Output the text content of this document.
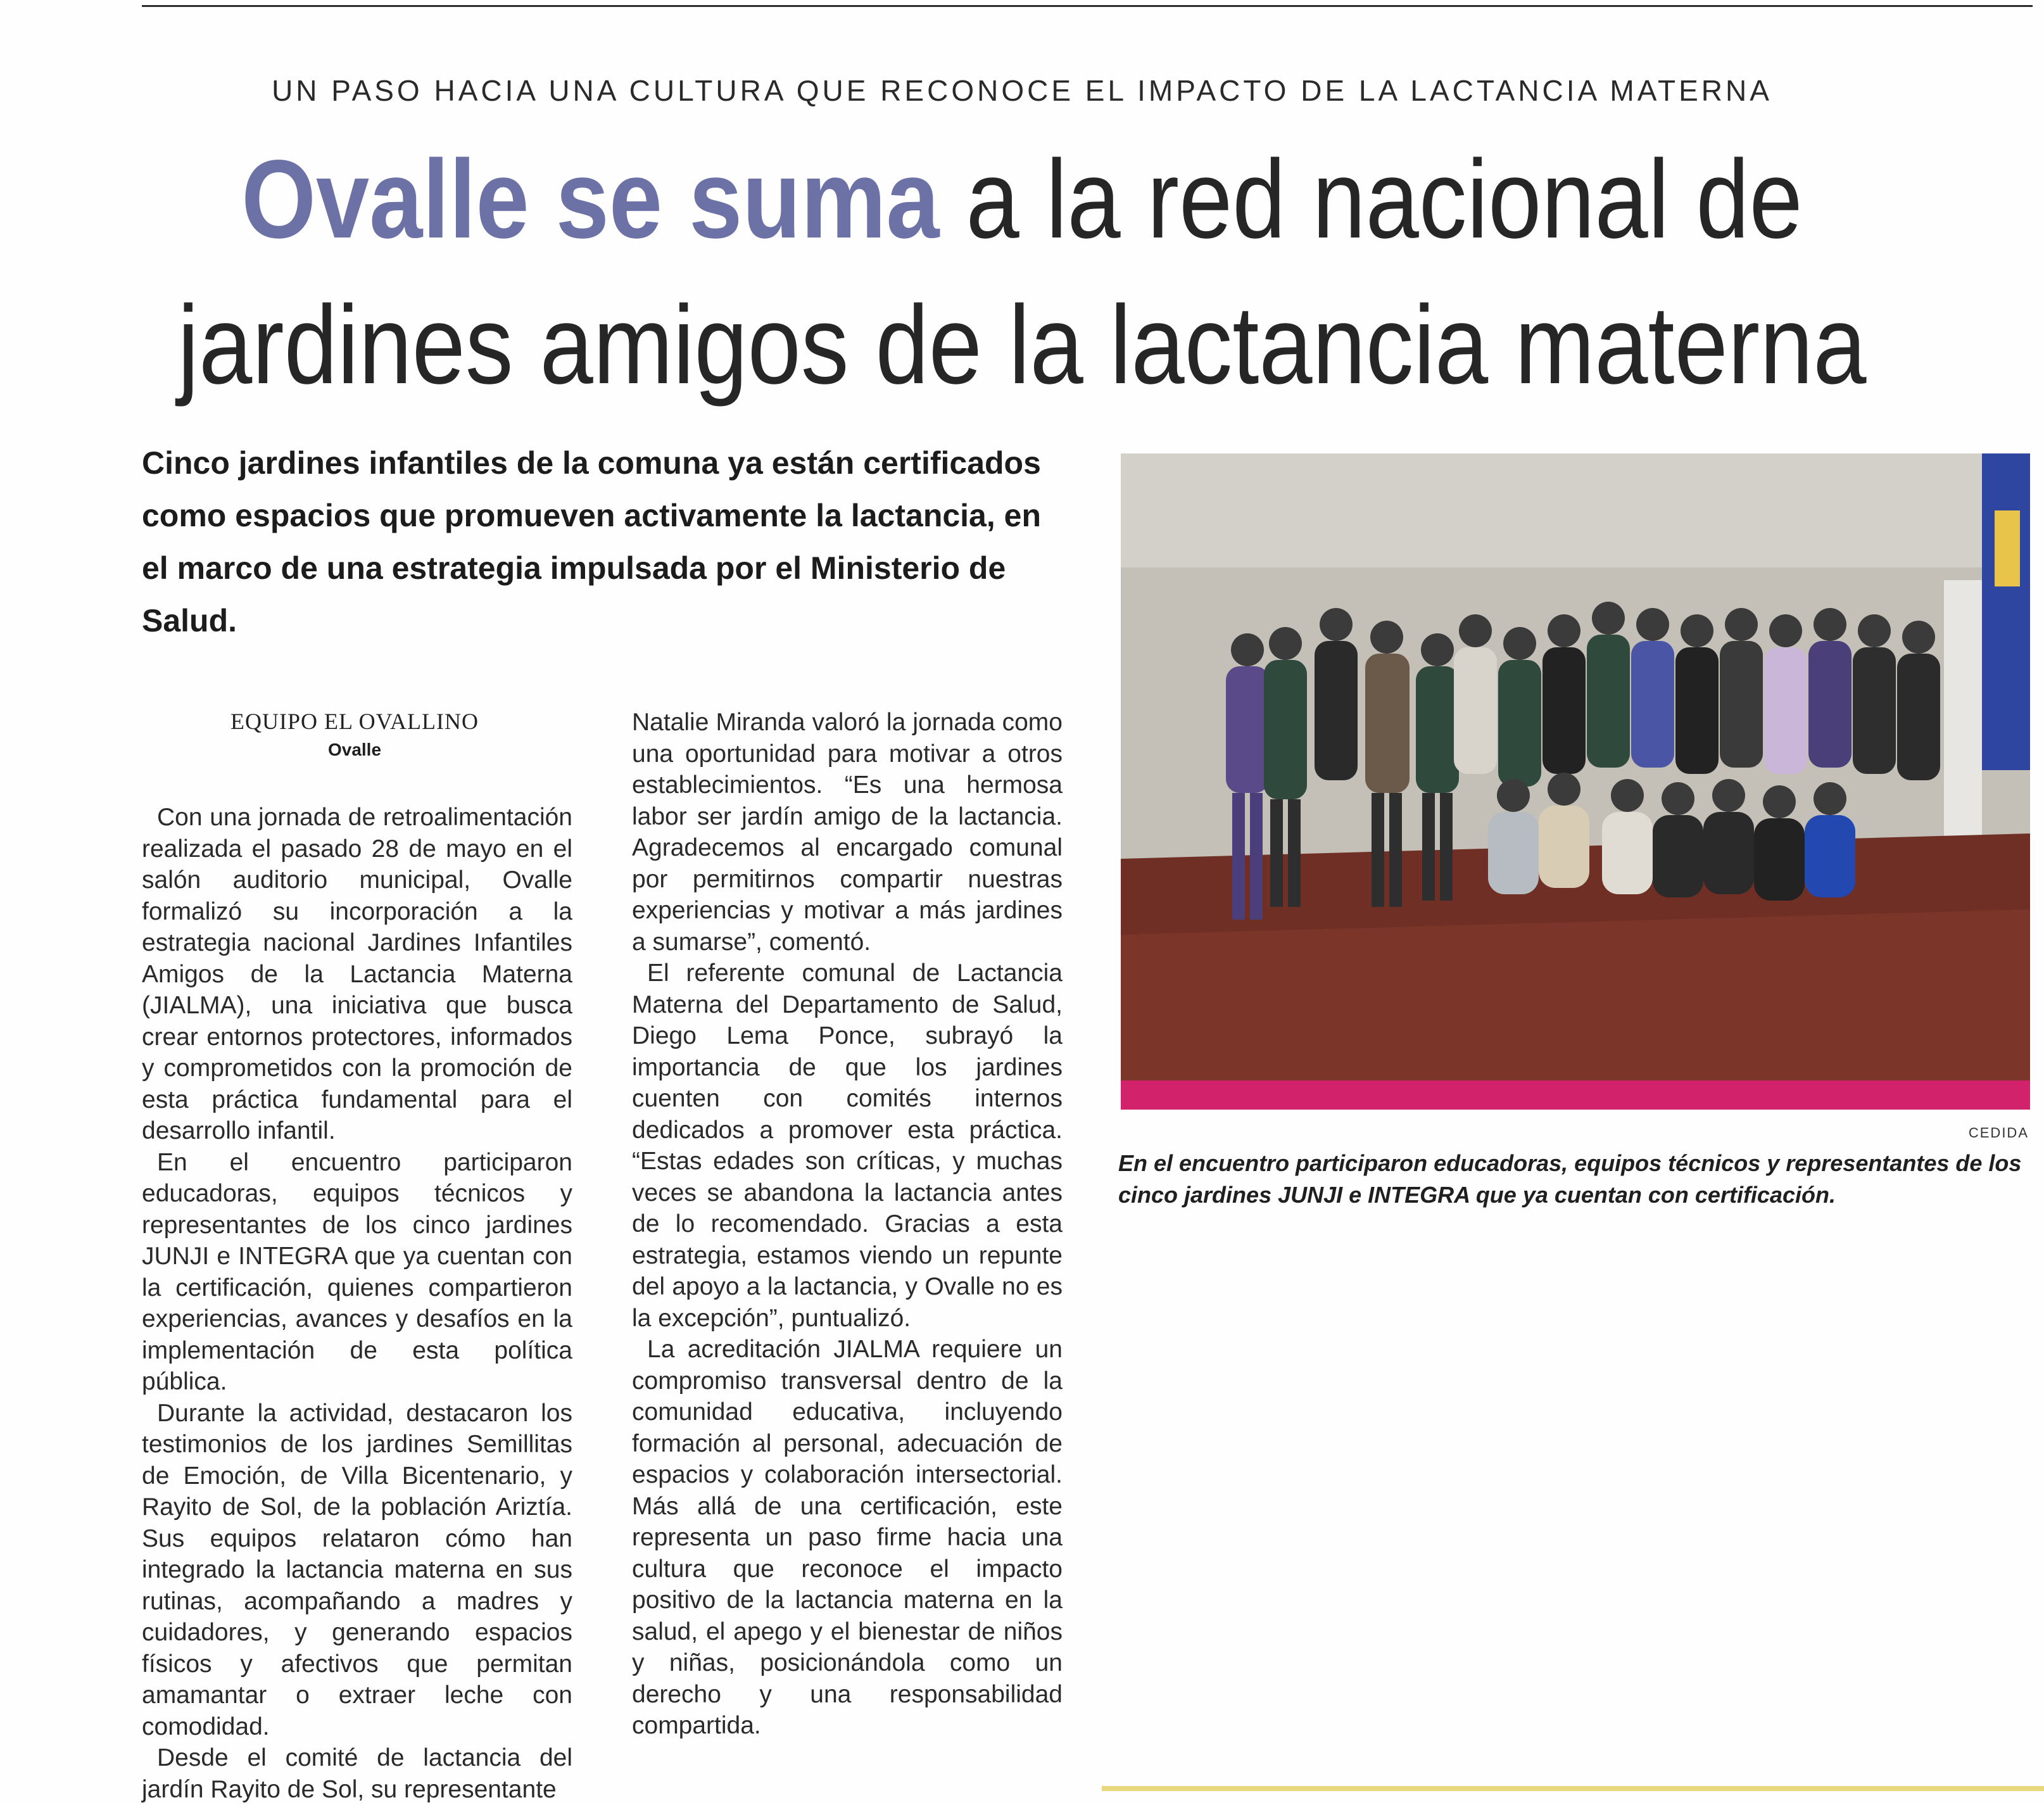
UN PASO HACIA UNA CULTURA QUE RECONOCE EL IMPACTO DE LA LACTANCIA MATERNA
Ovalle se suma a la red nacional de
jardines amigos de la lactancia materna
Cinco jardines infantiles de la comuna ya están certificados como espacios que promueven activamente la lactancia, en el marco de una estrategia impulsada por el Ministerio de Salud.
EQUIPO EL OVALLINO
Ovalle

Con una jornada de retroalimentación realizada el pasado 28 de mayo en el salón auditorio municipal, Ovalle formalizó su incorporación a la estrategia nacional Jardines Infantiles Amigos de la Lactancia Materna (JIALMA), una iniciativa que busca crear entornos protectores, informados y comprometidos con la promoción de esta práctica fundamental para el desarrollo infantil.

En el encuentro participaron educadoras, equipos técnicos y representantes de los cinco jardines JUNJI e INTEGRA que ya cuentan con la certificación, quienes compartieron experiencias, avances y desafíos en la implementación de esta política pública.

Durante la actividad, destacaron los testimonios de los jardines Semillitas de Emoción, de Villa Bicentenario, y Rayito de Sol, de la población Ariztía. Sus equipos relataron cómo han integrado la lactancia materna en sus rutinas, acompañando a madres y cuidadores, y generando espacios físicos y afectivos que permitan amamantar o extraer leche con comodidad.

Desde el comité de lactancia del jardín Rayito de Sol, su representante

Natalie Miranda valoró la jornada como una oportunidad para motivar a otros establecimientos. “Es una hermosa labor ser jardín amigo de la lactancia. Agradecemos al encargado comunal por permitirnos compartir nuestras experiencias y motivar a más jardines a sumarse”, comentó.

El referente comunal de Lactancia Materna del Departamento de Salud, Diego Lema Ponce, subrayó la importancia de que los jardines cuenten con comités internos dedicados a promover esta práctica. “Estas edades son críticas, y muchas veces se abandona la lactancia antes de lo recomendado. Gracias a esta estrategia, estamos viendo un repunte del apoyo a la lactancia, y Ovalle no es la excepción”, puntualizó.

La acreditación JIALMA requiere un compromiso transversal dentro de la comunidad educativa, incluyendo formación al personal, adecuación de espacios y colaboración intersectorial. Más allá de una certificación, este representa un paso firme hacia una cultura que reconoce el impacto positivo de la lactancia materna en la salud, el apego y el bienestar de niños y niñas, posicionándola como un derecho y una responsabilidad compartida.

CEDIDA
En el encuentro participaron educadoras, equipos técnicos y representantes de los cinco jardines JUNJI e INTEGRA que ya cuentan con certificación.
